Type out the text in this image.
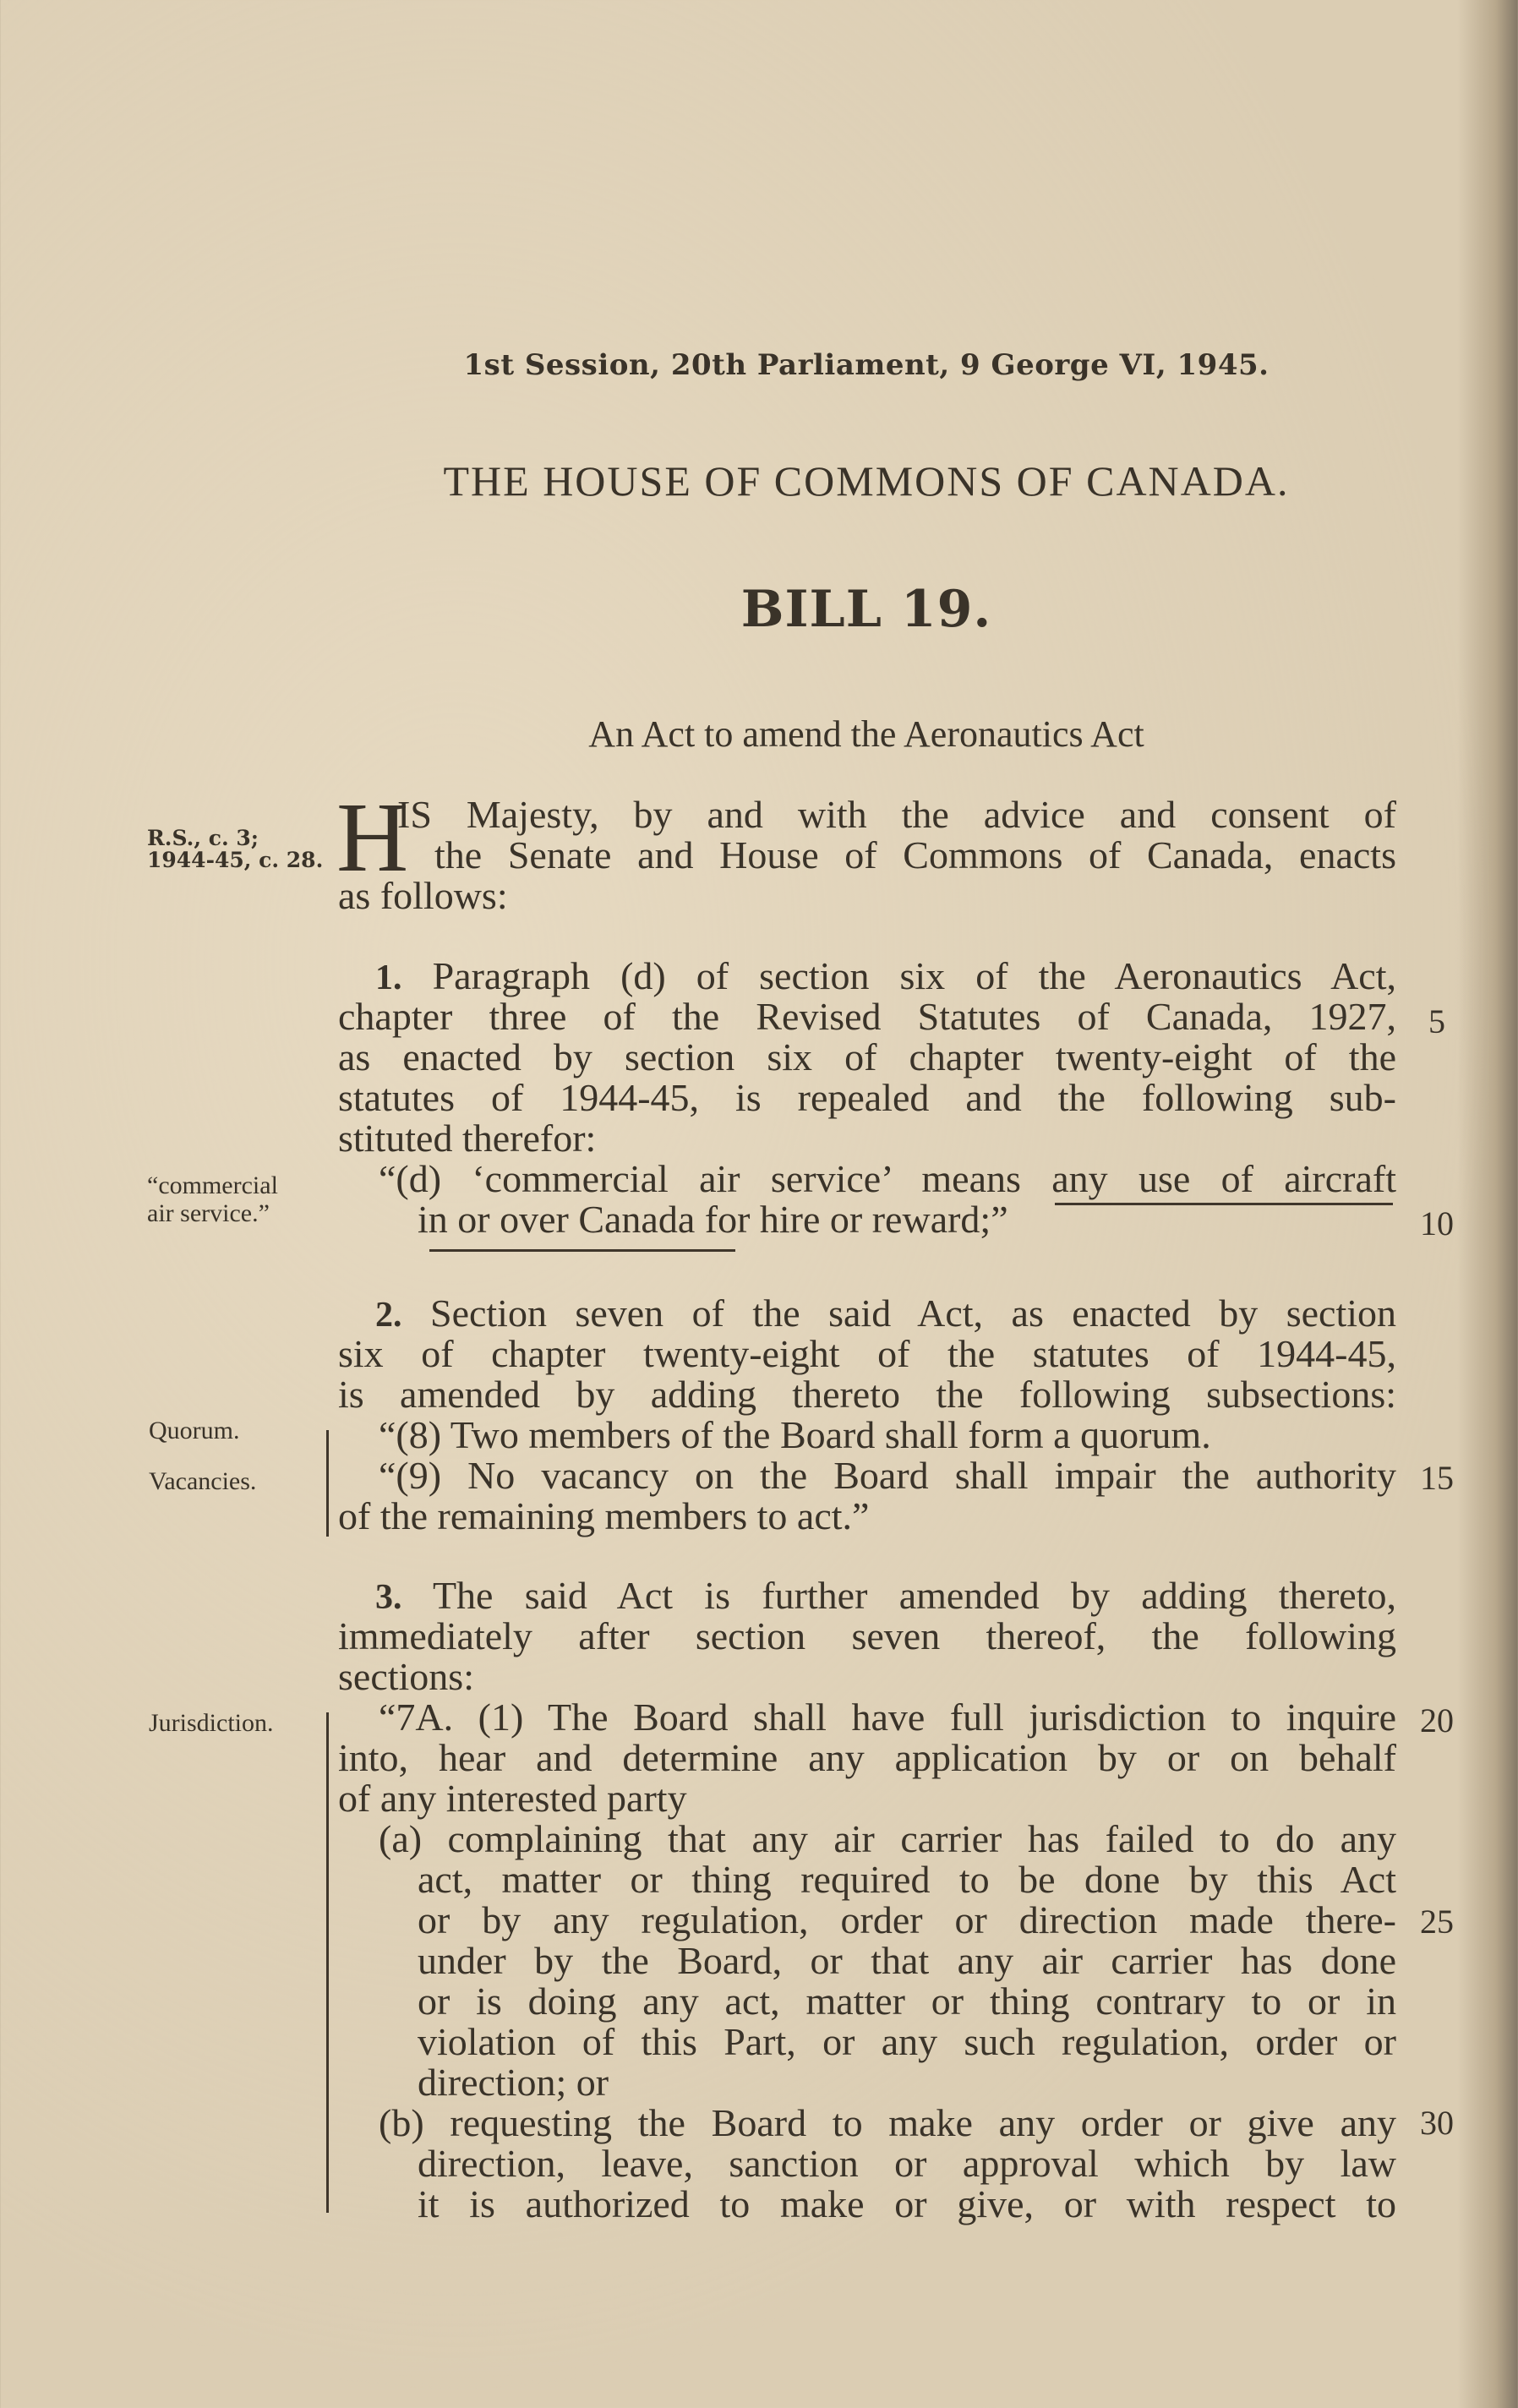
1st Session, 20th Parliament, 9 George VI, 1945.
THE HOUSE OF COMMONS OF CANADA.
BILL 19.
An Act to amend the Aeronautics Act
R.S., c. 3;
1944-45, c. 28.
“commercial
air service.”
Quorum.
Vacancies.
Jurisdiction.
H
IS Majesty, by and with the advice and consent of
the Senate and House of Commons of Canada, enacts
as follows:
1. Paragraph (d) of section six of the Aeronautics Act,
chapter three of the Revised Statutes of Canada, 1927,
as enacted by section six of chapter twenty-eight of the
statutes of 1944-45, is repealed and the following sub-
stituted therefor:
“(d) ‘commercial air service’ means any use of aircraft
in or over Canada for hire or reward;”
2. Section seven of the said Act, as enacted by section
six of chapter twenty-eight of the statutes of 1944-45,
is amended by adding thereto the following subsections:
“(8) Two members of the Board shall form a quorum.
“(9) No vacancy on the Board shall impair the authority
of the remaining members to act.”
3. The said Act is further amended by adding thereto,
immediately after section seven thereof, the following
sections:
“7A. (1) The Board shall have full jurisdiction to inquire
into, hear and determine any application by or on behalf
of any interested party
(a) complaining that any air carrier has failed to do any
act, matter or thing required to be done by this Act
or by any regulation, order or direction made there-
under by the Board, or that any air carrier has done
or is doing any act, matter or thing contrary to or in
violation of this Part, or any such regulation, order or
direction; or
(b) requesting the Board to make any order or give any
direction, leave, sanction or approval which by law
it is authorized to make or give, or with respect to
5
10
15
20
25
30
